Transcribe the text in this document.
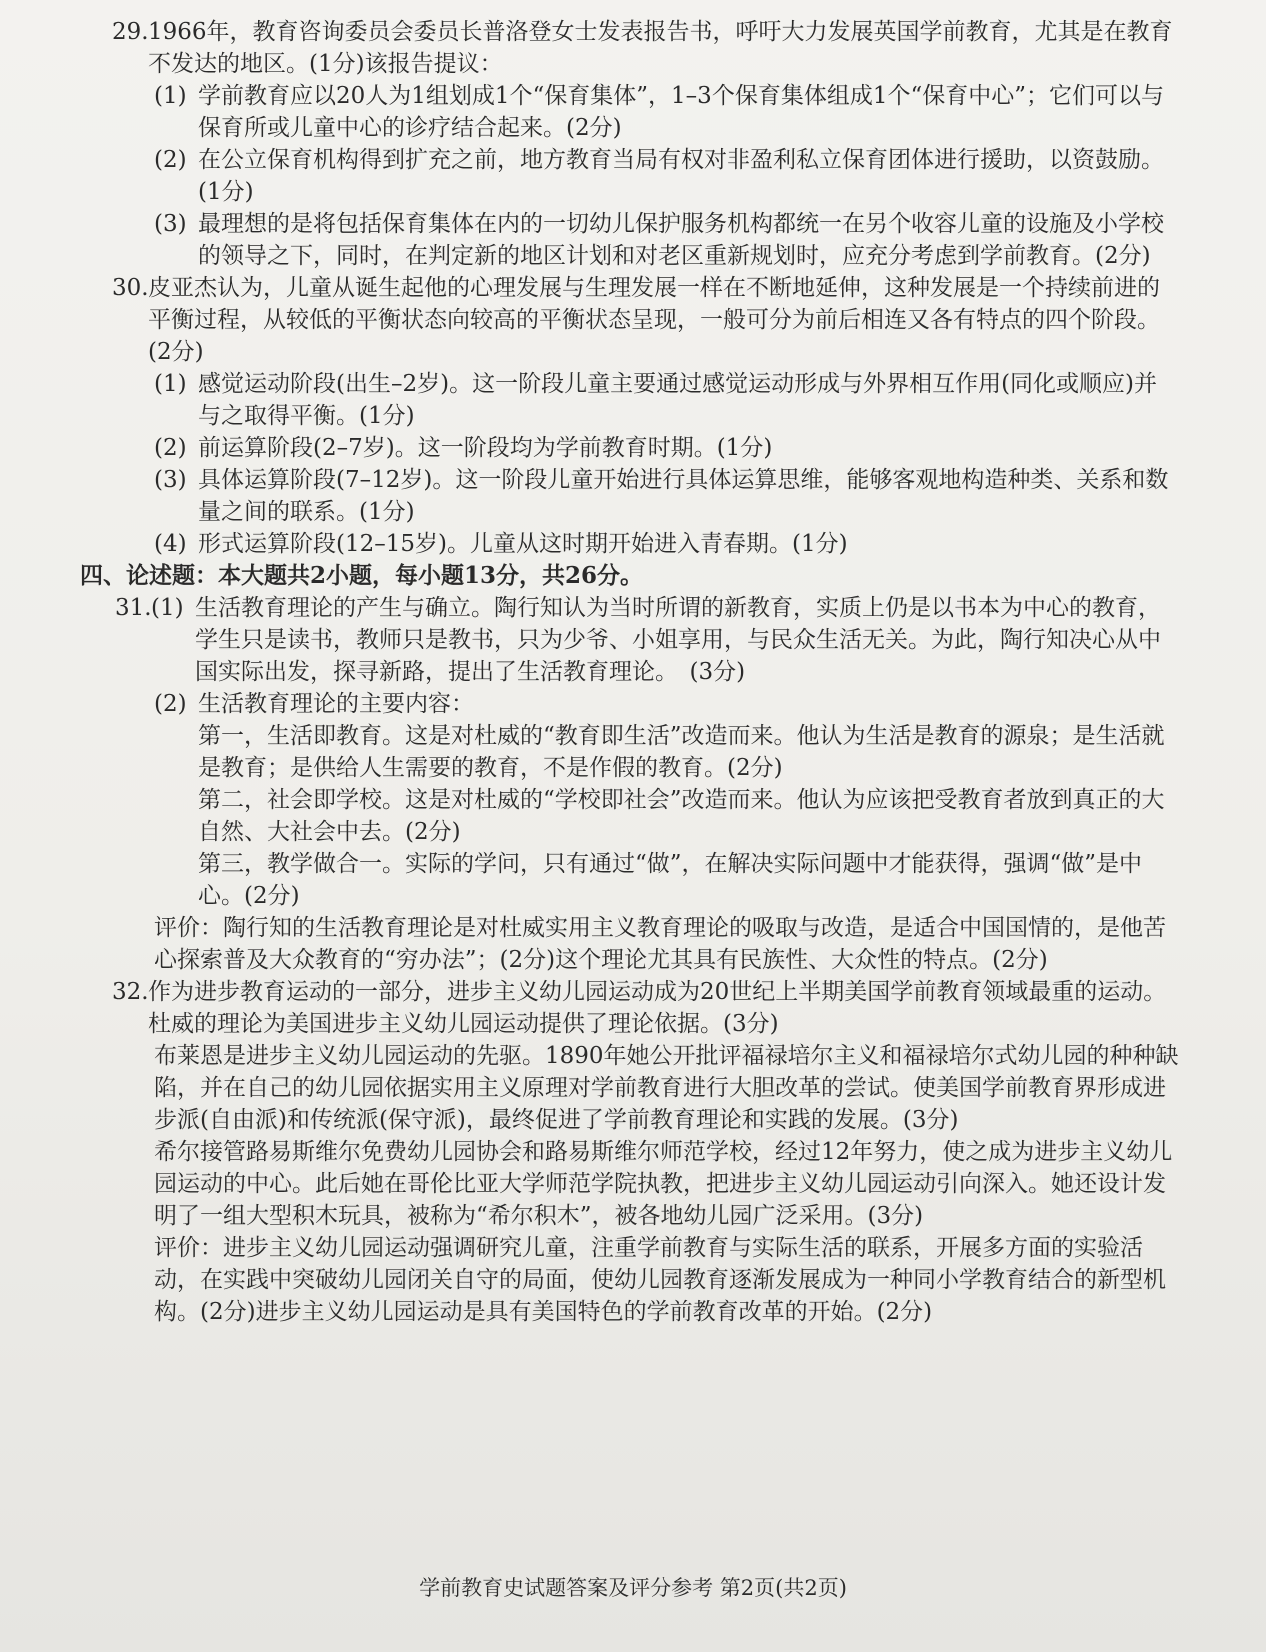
29. 1966年，教育咨询委员会委员长普洛登女士发表报告书，呼吁大力发展英国学前教育，尤其是在教育不发达的地区。(1分)该报告提议：
(1) 学前教育应以20人为1组划成1个“保育集体”，1–3个保育集体组成1个“保育中心”；它们可以与保育所或儿童中心的诊疗结合起来。(2分)
(2) 在公立保育机构得到扩充之前，地方教育当局有权对非盈利私立保育团体进行援助，以资鼓励。(1分)
(3) 最理想的是将包括保育集体在内的一切幼儿保护服务机构都统一在另个收容儿童的设施及小学校的领导之下，同时，在判定新的地区计划和对老区重新规划时，应充分考虑到学前教育。(2分)
30. 皮亚杰认为，儿童从诞生起他的心理发展与生理发展一样在不断地延伸，这种发展是一个持续前进的平衡过程，从较低的平衡状态向较高的平衡状态呈现，一般可分为前后相连又各有特点的四个阶段。(2分)
(1) 感觉运动阶段(出生–2岁)。这一阶段儿童主要通过感觉运动形成与外界相互作用(同化或顺应)并与之取得平衡。(1分)
(2) 前运算阶段(2–7岁)。这一阶段均为学前教育时期。(1分)
(3) 具体运算阶段(7–12岁)。这一阶段儿童开始进行具体运算思维，能够客观地构造种类、关系和数量之间的联系。(1分)
(4) 形式运算阶段(12–15岁)。儿童从这时期开始进入青春期。(1分)
四、论述题：本大题共2小题，每小题13分，共26分。
31. (1) 生活教育理论的产生与确立。陶行知认为当时所谓的新教育，实质上仍是以书本为中心的教育，学生只是读书，教师只是教书，只为少爷、小姐享用，与民众生活无关。为此，陶行知决心从中国实际出发，探寻新路，提出了生活教育理论。　(3分)
(2) 生活教育理论的主要内容：
第一，生活即教育。这是对杜威的“教育即生活”改造而来。他认为生活是教育的源泉；是生活就是教育；是供给人生需要的教育，不是作假的教育。(2分)
第二，社会即学校。这是对杜威的“学校即社会”改造而来。他认为应该把受教育者放到真正的大自然、大社会中去。(2分)
第三，教学做合一。实际的学问，只有通过“做”，在解决实际问题中才能获得，强调“做”是中心。(2分)
评价：陶行知的生活教育理论是对杜威实用主义教育理论的吸取与改造，是适合中国国情的，是他苦心探索普及大众教育的“穷办法”；(2分)这个理论尤其具有民族性、大众性的特点。(2分)
32. 作为进步教育运动的一部分，进步主义幼儿园运动成为20世纪上半期美国学前教育领域最重的运动。杜威的理论为美国进步主义幼儿园运动提供了理论依据。(3分)
布莱恩是进步主义幼儿园运动的先驱。1890年她公开批评福禄培尔主义和福禄培尔式幼儿园的种种缺陷，并在自己的幼儿园依据实用主义原理对学前教育进行大胆改革的尝试。使美国学前教育界形成进步派(自由派)和传统派(保守派)，最终促进了学前教育理论和实践的发展。(3分)
希尔接管路易斯维尔免费幼儿园协会和路易斯维尔师范学校，经过12年努力，使之成为进步主义幼儿园运动的中心。此后她在哥伦比亚大学师范学院执教，把进步主义幼儿园运动引向深入。她还设计发明了一组大型积木玩具，被称为“希尔积木”，被各地幼儿园广泛采用。(3分)
评价：进步主义幼儿园运动强调研究儿童，注重学前教育与实际生活的联系，开展多方面的实验活动，在实践中突破幼儿园闭关自守的局面，使幼儿园教育逐渐发展成为一种同小学教育结合的新型机构。(2分)进步主义幼儿园运动是具有美国特色的学前教育改革的开始。(2分)
学前教育史试题答案及评分参考 第2页(共2页)
